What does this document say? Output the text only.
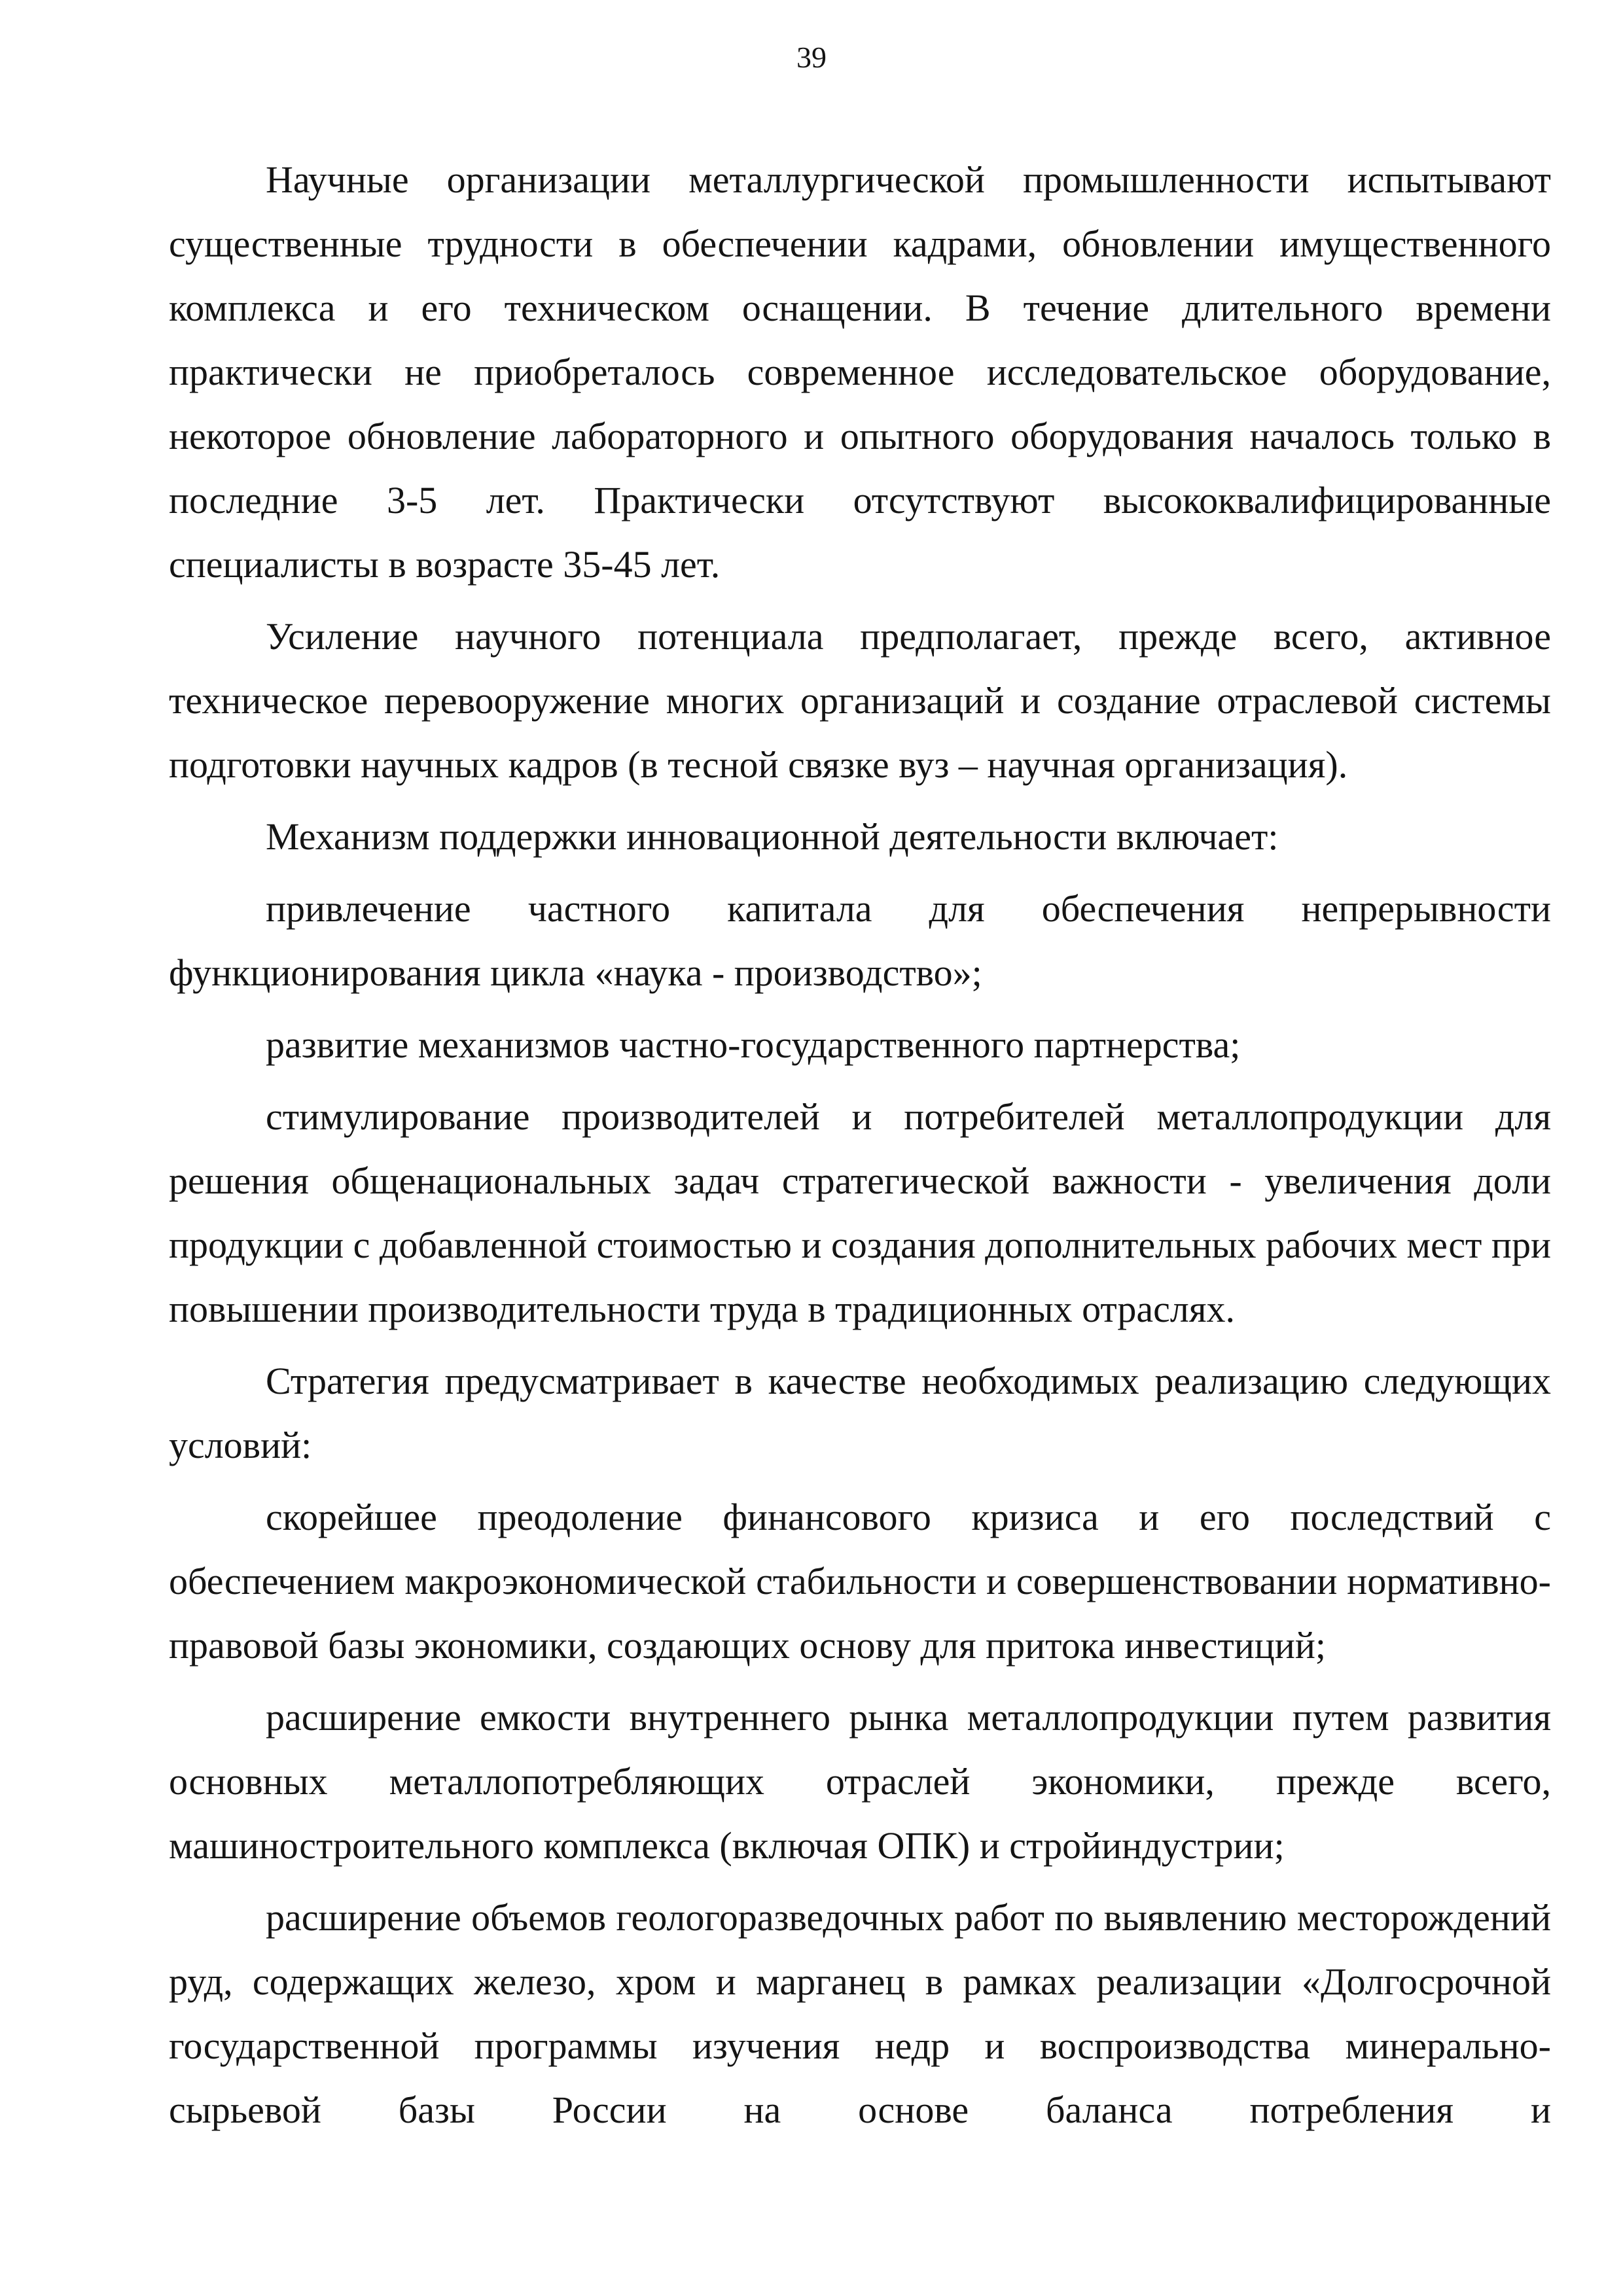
39

Научные организации металлургической промышленности испытывают существенные трудности в обеспечении кадрами, обновлении имущественного комплекса и его техническом оснащении. В течение длительного времени практически не приобреталось современное исследовательское оборудование, некоторое обновление лабораторного и опытного оборудования началось только в последние 3-5 лет. Практически отсутствуют высококвалифицированные специалисты в возрасте 35-45 лет.

Усиление научного потенциала предполагает, прежде всего, активное техническое перевооружение многих организаций и создание отраслевой системы подготовки научных кадров (в тесной связке вуз – научная организация).

Механизм поддержки инновационной деятельности включает:

привлечение частного капитала для обеспечения непрерывности функционирования цикла «наука - производство»;

развитие механизмов частно-государственного партнерства;

стимулирование производителей и потребителей металлопродукции для решения общенациональных задач стратегической важности - увеличения доли продукции с добавленной стоимостью и создания дополнительных рабочих мест при повышении производительности труда в традиционных отраслях.

Стратегия предусматривает в качестве необходимых реализацию следующих условий:

скорейшее преодоление финансового кризиса и его последствий с обеспечением макроэкономической стабильности и совершенствовании нормативно-правовой базы экономики, создающих основу для притока инвестиций;

расширение емкости внутреннего рынка металлопродукции путем развития основных металлопотребляющих отраслей экономики, прежде всего, машиностроительного комплекса (включая ОПК) и стройиндустрии;

расширение объемов геологоразведочных работ по выявлению месторождений руд, содержащих железо, хром и марганец в рамках реализации «Долгосрочной государственной программы изучения недр и воспроизводства минерально-сырьевой базы России на основе баланса потребления и
